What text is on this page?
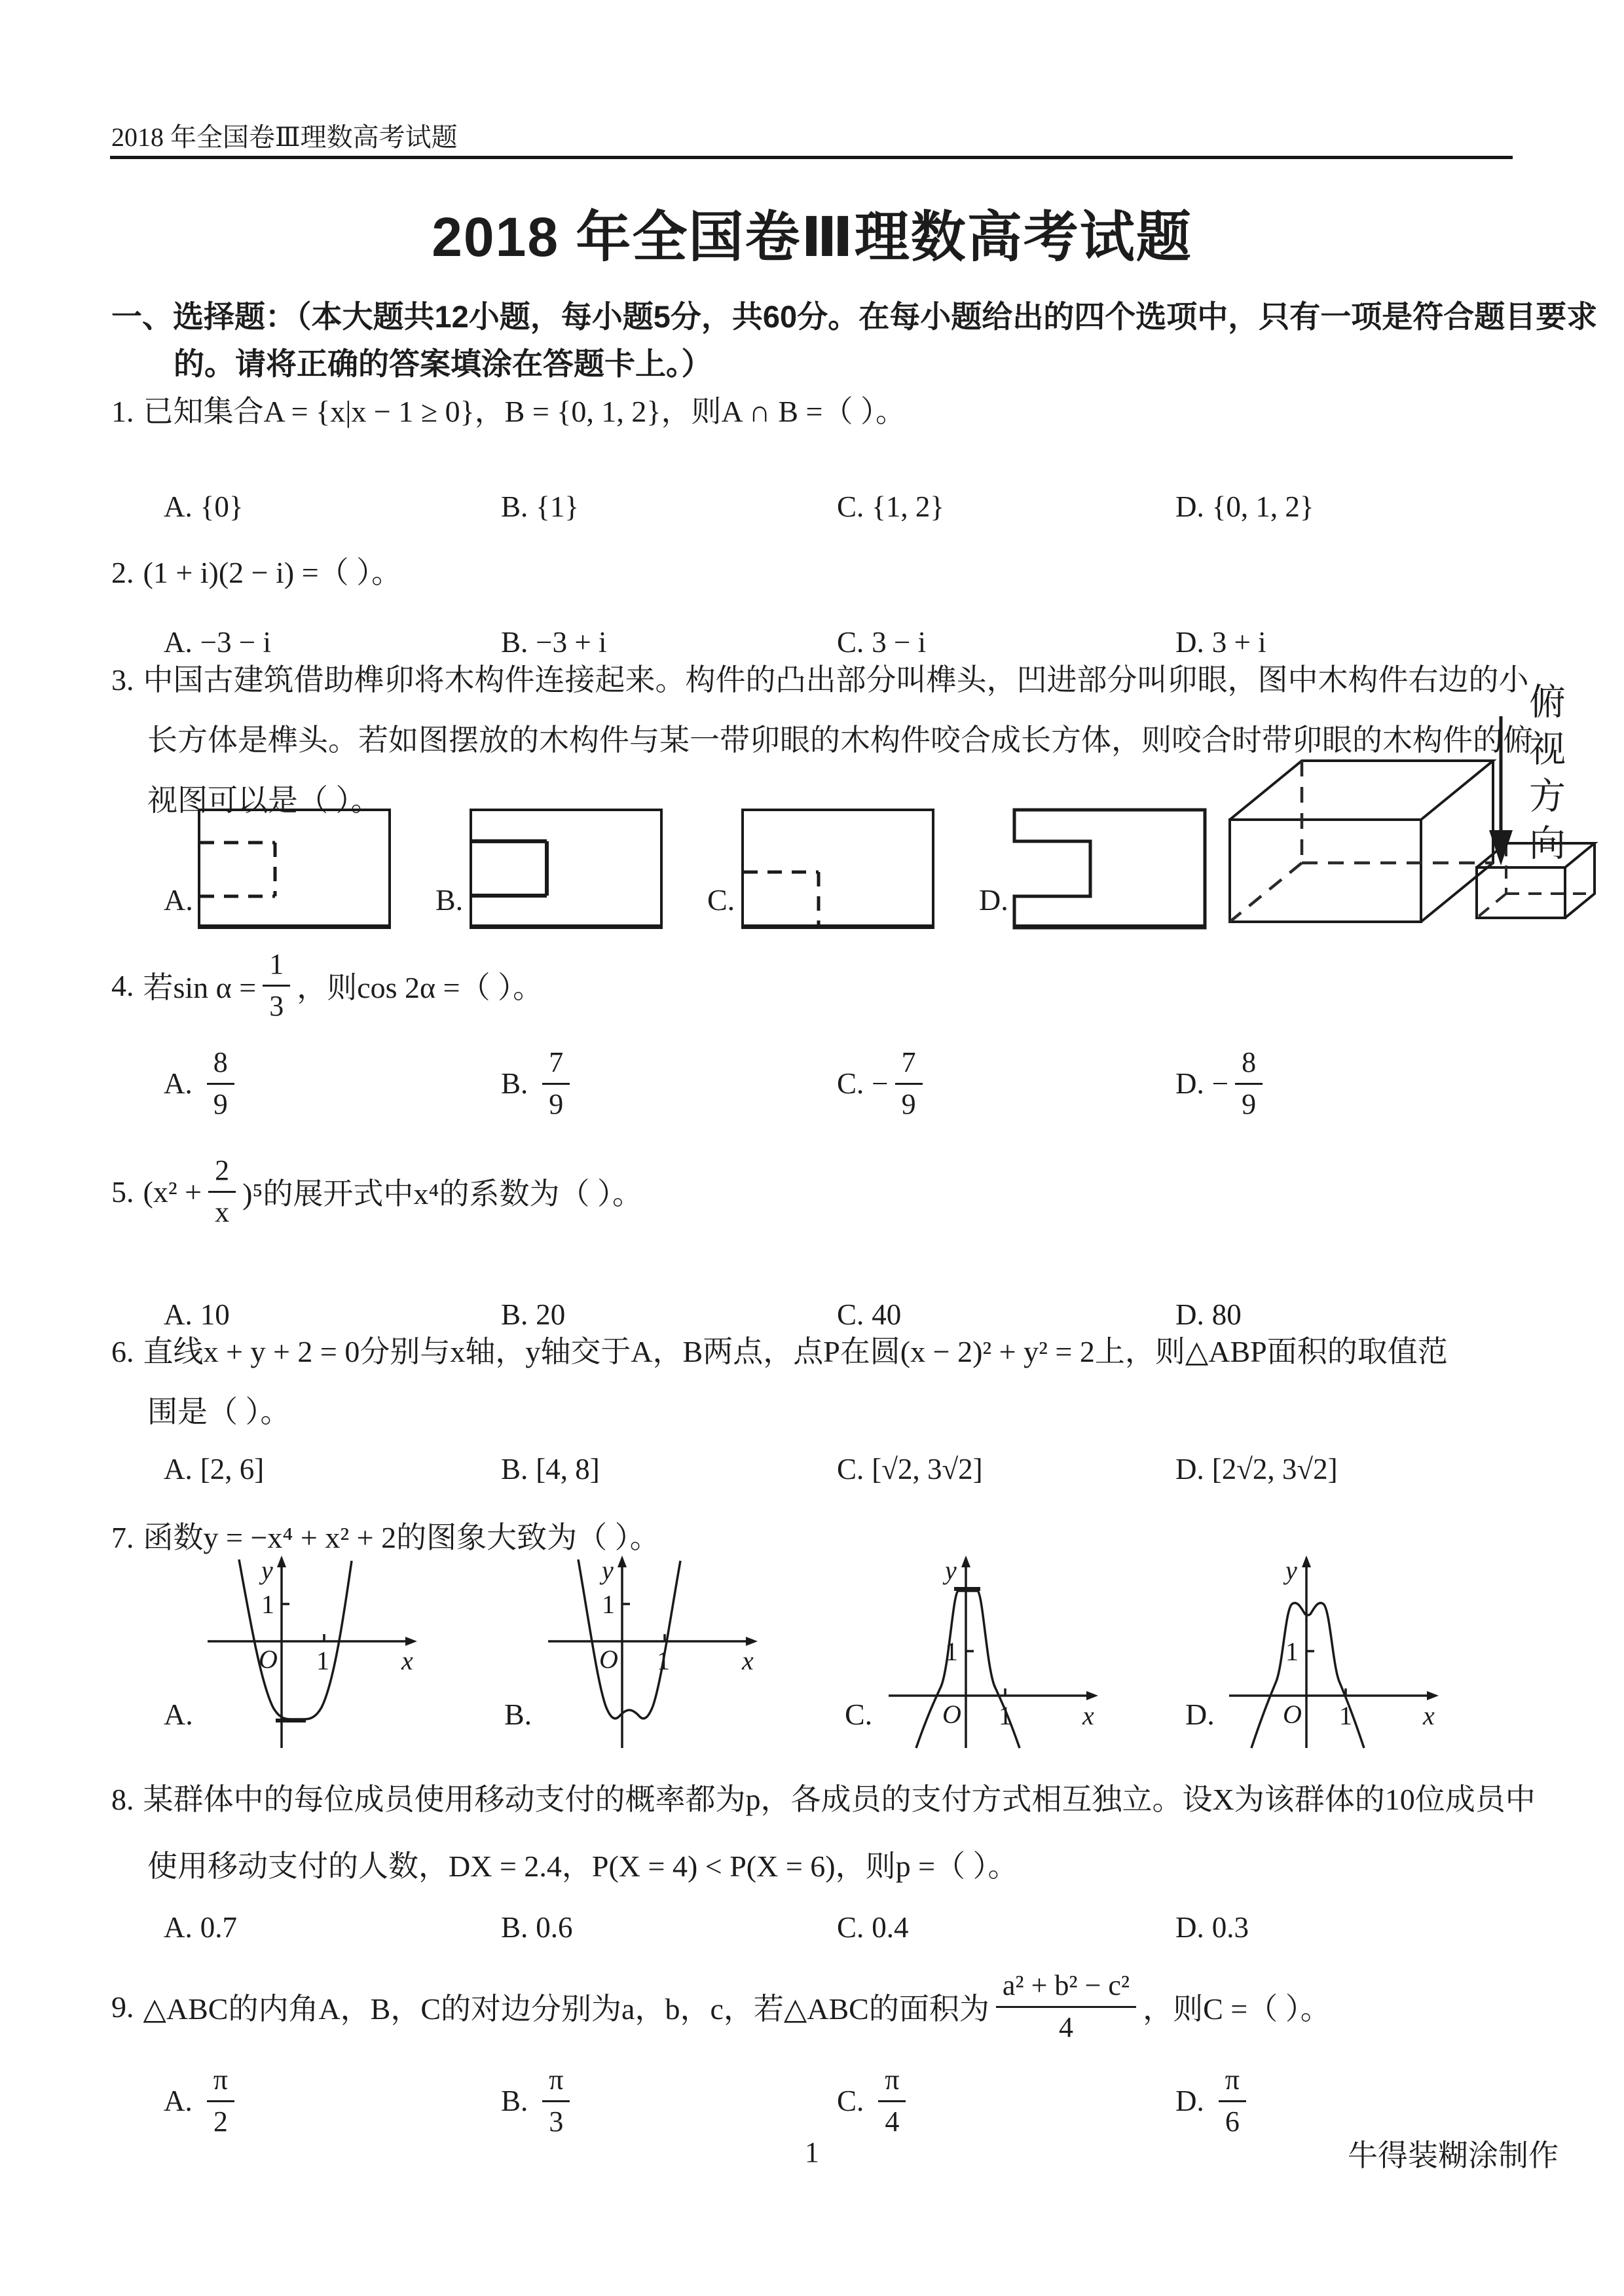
2018 年全国卷Ⅲ理数高考试题
2018 年全国卷Ⅲ理数高考试题
一、选择题：（本大题共12小题，每小题5分，共60分。在每小题给出的四个选项中，只有一项是符合题目要求
的。请将正确的答案填涂在答题卡上。）
1. 已知集合A = {x|x − 1 ≥ 0}，B = {0, 1, 2}，则A ∩ B =（ ）。
A. {0}	B. {1}	C. {1, 2}	D. {0, 1, 2}
2. (1 + i)(2 − i) =（ ）。
A. −3 − i	B. −3 + i	C. 3 − i	D. 3 + i
3. 中国古建筑借助榫卯将木构件连接起来。构件的凸出部分叫榫头，凹进部分叫卯眼，图中木构件右边的小
长方体是榫头。若如图摆放的木构件与某一带卯眼的木构件咬合成长方体，则咬合时带卯眼的木构件的俯
视图可以是（ ）。
A.	B.	C.	D.
俯视方向
4. 若$\sin \alpha = \frac{1}{3}$ ，则cos 2α =（ ）。
A. $\frac{8}{9}$	B. $\frac{7}{9}$	C. − $\frac{7}{9}$	D. − $\frac{8}{9}$
5. $(x^2 + \frac{2}{x} )^5$的展开式中x⁴的系数为（ ）。
A. 10	B. 20	C. 40	D. 80
6. 直线x + y + 2 = 0分别与x轴，y轴交于A，B两点，点P在圆(x − 2)² + y² = 2上，则△ABP面积的取值范
围是（ ）。
A. [2, 6]	B. [4, 8]	C. [√2, 3√2]	D. [2√2, 3√2]
7. 函数y = −x⁴ + x² + 2的图象大致为（ ）。
A.
y
x
O 1
1
B.
y
x
O 1
1
C.
y
x
O 1
1
D.
y
x
O 1
1
8. 某群体中的每位成员使用移动支付的概率都为p，各成员的支付方式相互独立。设X为该群体的10位成员中
使用移动支付的人数，DX = 2.4，P(X = 4) < P(X = 6)，则p =（ ）。
A. 0.7	B. 0.6	C. 0.4	D. 0.3
9. △ABC的内角A，B，C的对边分别为a，b，c，若△ABC的面积为 $\frac{\text{a² + b² − c²}}{4}$ ，则C =（ ）。
A. $\frac{\pi}{2}$	B. $\frac{\pi}{3}$	C. $\frac{\pi}{4}$	D. $\frac{\pi}{6}$
1	牛得装糊涂制作
